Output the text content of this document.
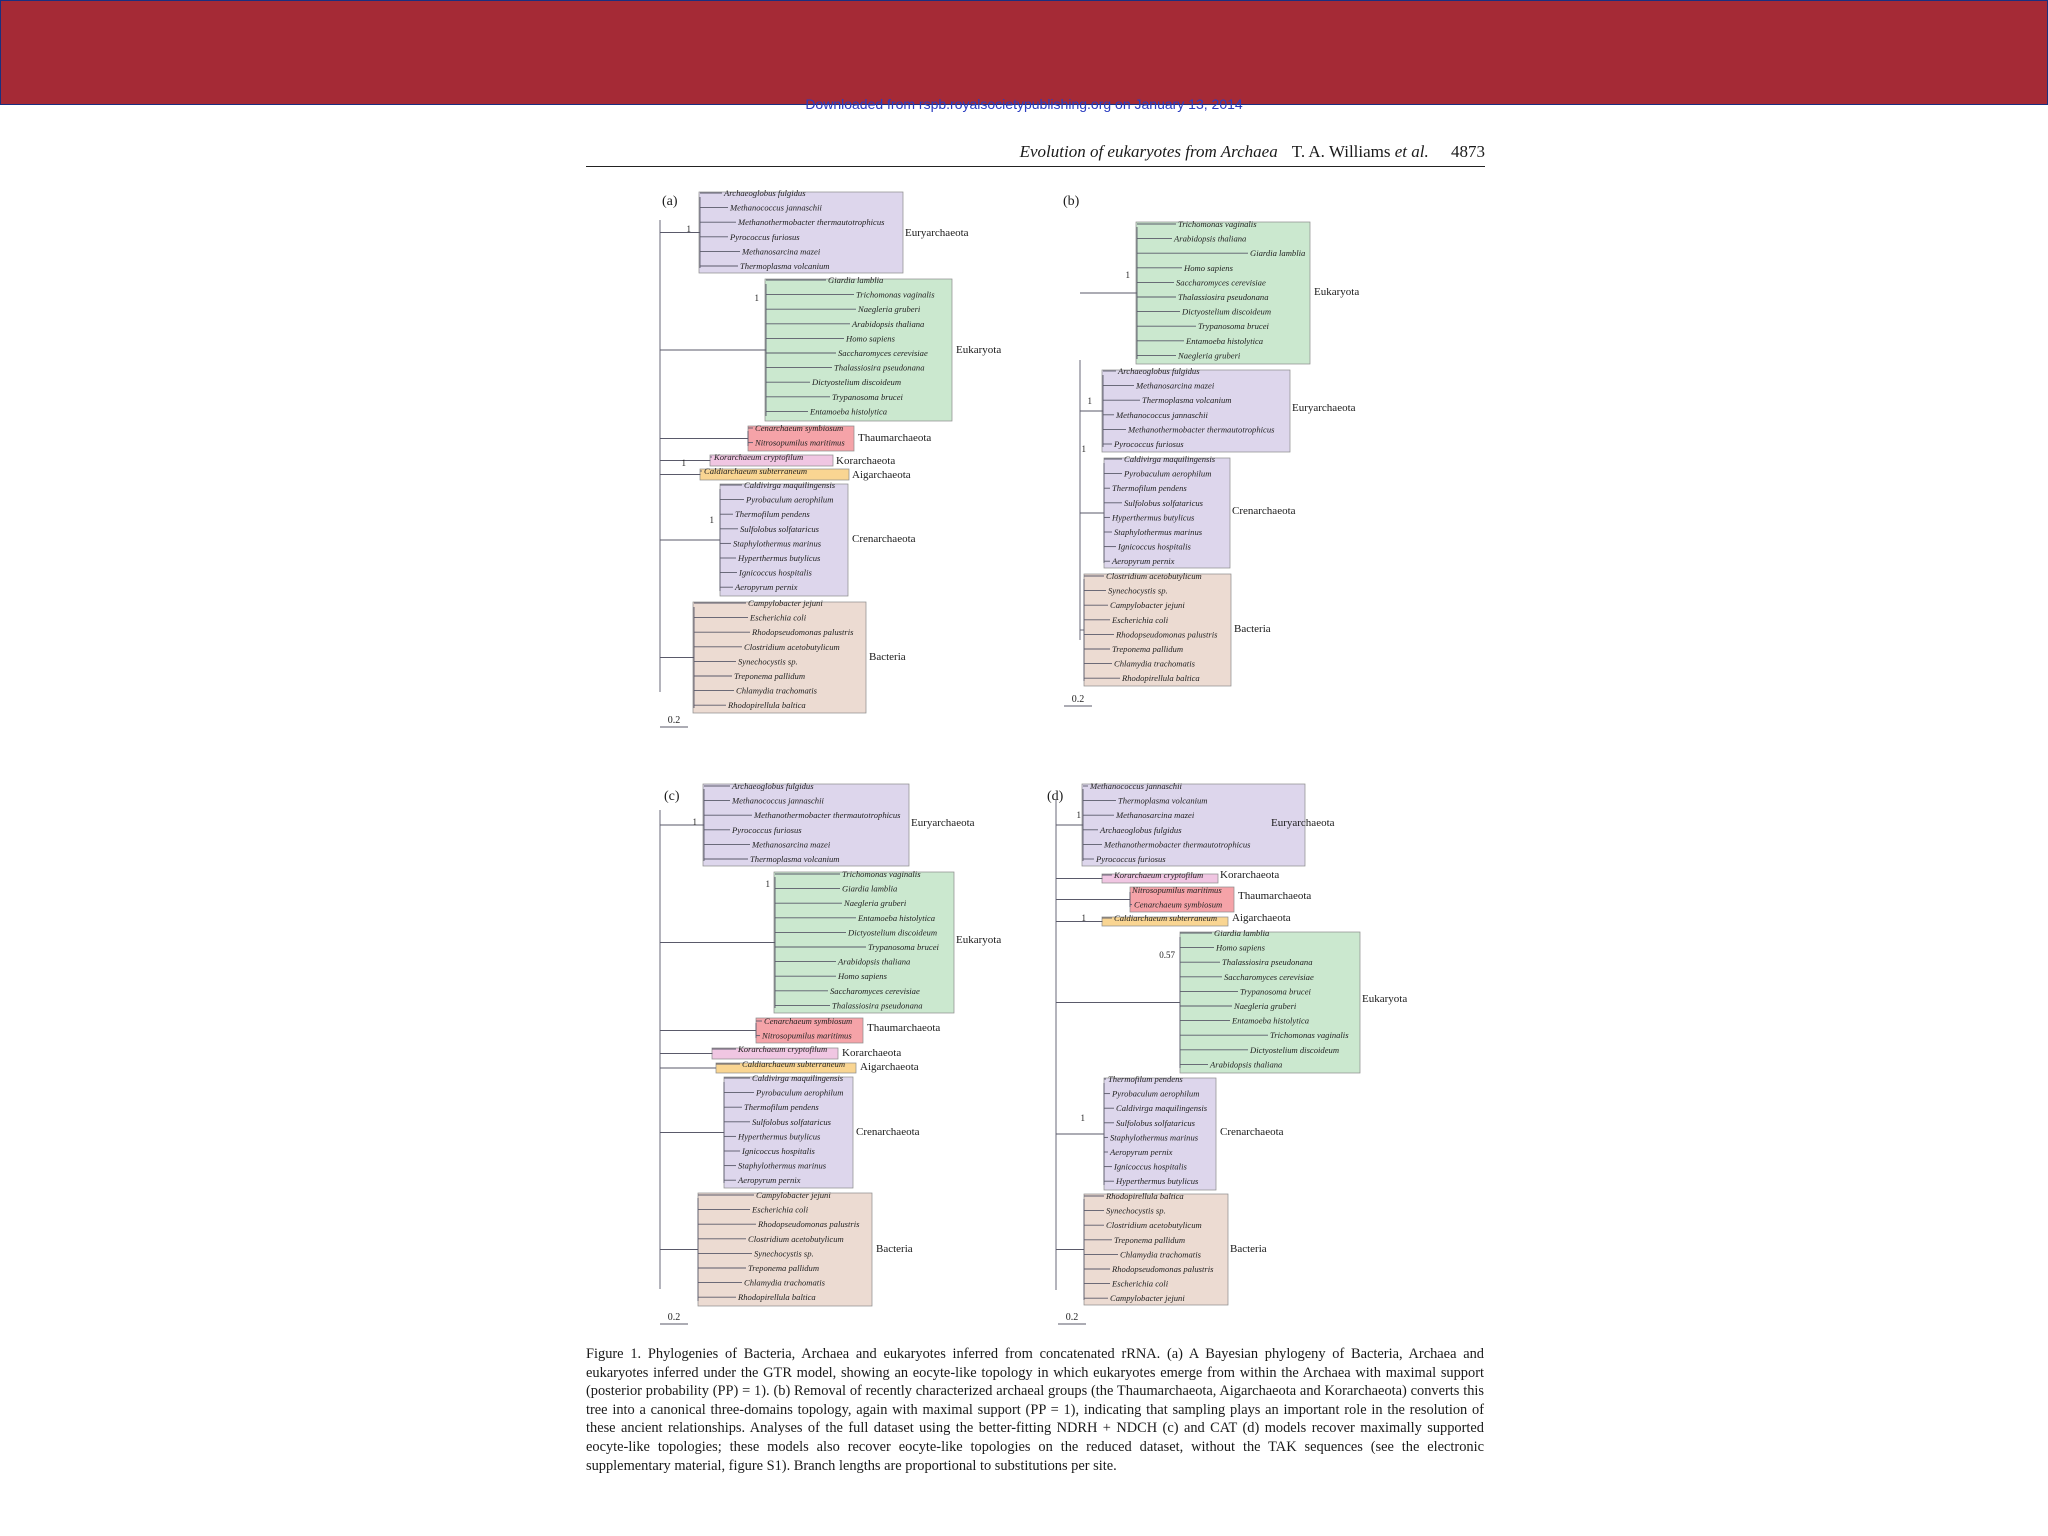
Downloaded from rspb.royalsocietypublishing.org on January 13, 2014
Evolution of eukaryotes from Archaea T. A. Williams et al. 4873
(a)
Archaeoglobus fulgidus
Methanococcus jannaschii
Methanothermobacter thermautotrophicus
Pyrococcus furiosus
Methanosarcina mazei
Thermoplasma volcanium
Euryarchaeota
1
Giardia lamblia
Trichomonas vaginalis
Naegleria gruberi
Arabidopsis thaliana
Homo sapiens
Saccharomyces cerevisiae
Thalassiosira pseudonana
Dictyostelium discoideum
Trypanosoma brucei
Entamoeba histolytica
Eukaryota
1
Cenarchaeum symbiosum
Nitrosopumilus maritimus Thaumarchaeota
Korarchaeum cryptofilum	Korarchaeota
1
Caldiarchaeum subterraneum	Aigarchaeota
Caldivirga maquilingensis
Pyrobaculum aerophilum
Thermofilum pendens
Sulfolobus solfataricus
Staphylothermus marinus
Hyperthermus butylicus
Ignicoccus hospitalis
Aeropyrum pernix
Crenarchaeota
1
Campylobacter jejuni
Escherichia coli
Rhodopseudomonas palustris
Clostridium acetobutylicum
Synechocystis sp.
Treponema pallidum
Chlamydia trachomatis
Rhodopirellula baltica
Bacteria
0.2
(b)
Trichomonas vaginalis
Arabidopsis thaliana
Giardia lamblia
Homo sapiens
Saccharomyces cerevisiae
Thalassiosira pseudonana
Dictyostelium discoideum
Trypanosoma brucei
Entamoeba histolytica
Naegleria gruberi
Eukaryota
1
Archaeoglobus fulgidus
Methanosarcina mazei
Thermoplasma volcanium
Methanococcus jannaschii
Methanothermobacter thermautotrophicus
Pyrococcus furiosus
Euryarchaeota
1
Caldivirga maquilingensis
Pyrobaculum aerophilum
Thermofilum pendens
Sulfolobus solfataricus
Hyperthermus butylicus
Staphylothermus marinus
Ignicoccus hospitalis
Aeropyrum pernix
Crenarchaeota
1
Clostridium acetobutylicum
Synechocystis sp.
Campylobacter jejuni
Escherichia coli
Rhodopseudomonas palustris
Treponema pallidum
Chlamydia trachomatis
Rhodopirellula baltica
Bacteria
0.2
(c)
Archaeoglobus fulgidus
Methanococcus jannaschii
Methanothermobacter thermautotrophicus
Pyrococcus furiosus
Methanosarcina mazei
Thermoplasma volcanium
Euryarchaeota
1
Trichomonas vaginalis
Giardia lamblia
Naegleria gruberi
Entamoeba histolytica
Dictyostelium discoideum
Trypanosoma brucei
Arabidopsis thaliana
Homo sapiens
Saccharomyces cerevisiae
Thalassiosira pseudonana
Eukaryota
1
Cenarchaeum symbiosum
Nitrosopumilus maritimus
Thaumarchaeota
Korarchaeum cryptofilum Korarchaeota
Caldiarchaeum subterraneum Aigarchaeota
Caldivirga maquilingensis
Pyrobaculum aerophilum
Thermofilum pendens
Sulfolobus solfataricus
Hyperthermus butylicus
Ignicoccus hospitalis
Staphylothermus marinus
Aeropyrum pernix
Crenarchaeota
Campylobacter jejuni
Escherichia coli
Rhodopseudomonas palustris
Clostridium acetobutylicum
Synechocystis sp.
Treponema pallidum
Chlamydia trachomatis
Rhodopirellula baltica
Bacteria
0.2
(d)
Methanococcus jannaschii
Thermoplasma volcanium
Methanosarcina mazei
Archaeoglobus fulgidus
Methanothermobacter thermautotrophicus
Pyrococcus furiosus
Euryarchaeota
1
Korarchaeum cryptofilum Korarchaeota
Nitrosopumilus maritimus
Cenarchaeum symbiosum
Thaumarchaeota
Caldiarchaeum subterraneum Aigarchaeota
1
Giardia lamblia
Homo sapiens
Thalassiosira pseudonana
Saccharomyces cerevisiae
Trypanosoma brucei
Naegleria gruberi
Entamoeba histolytica
Trichomonas vaginalis
Dictyostelium discoideum
Arabidopsis thaliana
Eukaryota
0.57
Thermofilum pendens
Pyrobaculum aerophilum
Caldivirga maquilingensis
Sulfolobus solfataricus
Staphylothermus marinus
Aeropyrum pernix
Ignicoccus hospitalis
Hyperthermus butylicus
Crenarchaeota
1
Rhodopirellula baltica
Synechocystis sp.
Clostridium acetobutylicum
Treponema pallidum
Chlamydia trachomatis
Rhodopseudomonas palustris
Escherichia coli
Campylobacter jejuni
Bacteria
0.2
Figure 1. Phylogenies of Bacteria, Archaea and eukaryotes inferred from concatenated rRNA. (a) A Bayesian phylogeny of Bacteria, Archaea and eukaryotes inferred under the GTR model, showing an eocyte-like topology in which eukaryotes emerge from within the Archaea with maximal support (posterior probability (PP) = 1). (b) Removal of recently characterized archaeal groups (the Thaumarchaeota, Aigarchaeota and Korarchaeota) converts this tree into a canonical three-domains topology, again with maximal support (PP = 1), indicating that sampling plays an important role in the resolution of these ancient relationships. Analyses of the full dataset using the better-fitting NDRH + NDCH (c) and CAT (d) models recover maximally supported eocyte-like topologies; these models also recover eocyte-like topologies on the reduced dataset, without the TAK sequences (see the electronic supplementary material, figure S1). Branch lengths are proportional to substitutions per site.
